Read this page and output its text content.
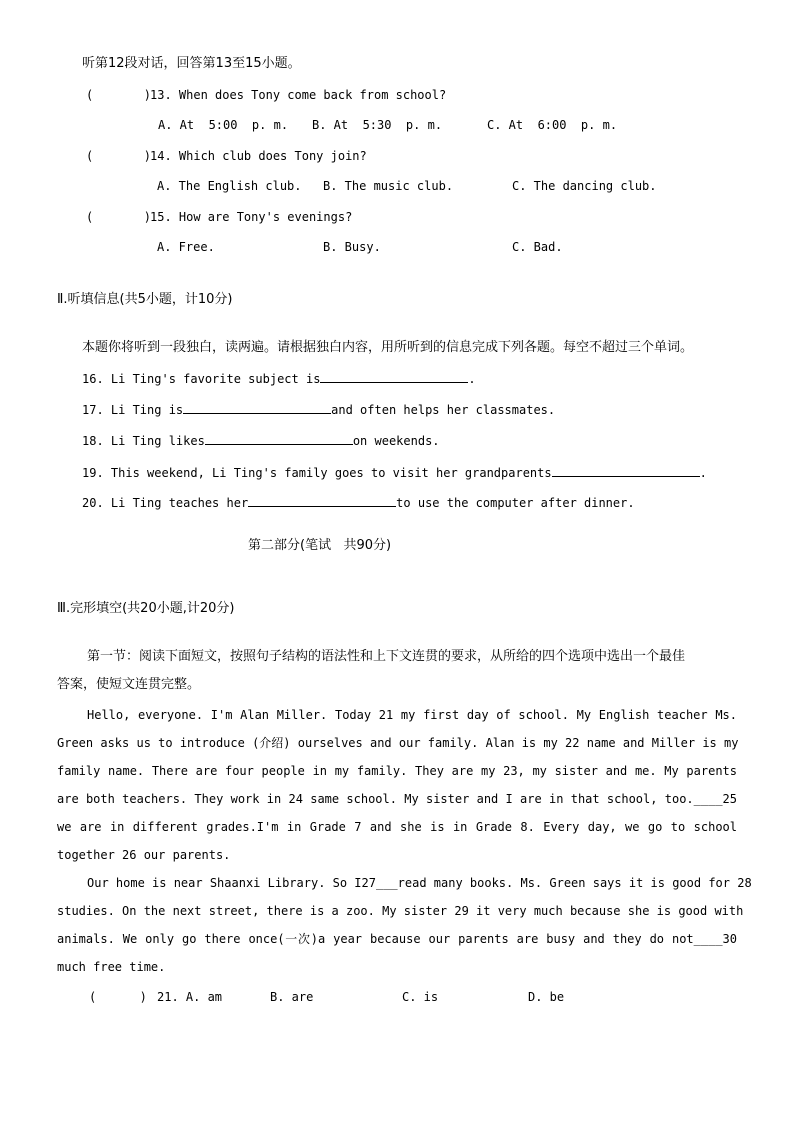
听第12段对话，回答第13至15小题。
(       )
13. When does Tony come back from school?
A. At  5:00  p. m. B. At  5:30  p. m.	C. At  6:00  p. m.
(       )
14. Which club does Tony join?
A. The English club. B. The music club.	C. The dancing club.
(       )
15. How are Tony's evenings?
A. Free.	B. Busy.	C. Bad.
Ⅱ.听填信息(共5小题，计10分)
本题你将听到一段独白，读两遍。请根据独白内容，用所听到的信息完成下列各题。每空不超过三个单词。
16. Li Ting's favorite subject is	.
17. Li Ting is	and often helps her classmates.
18. Li Ting likes	on weekends.
19. This weekend, Li Ting's family goes to visit her grandparents	.
20. Li Ting teaches her	to use the computer after dinner.
第二部分(笔试   共90分)
Ⅲ.完形填空(共20小题,计20分)
第一节：阅读下面短文，按照句子结构的语法性和上下文连贯的要求，从所给的四个选项中选出一个最佳
答案，使短文连贯完整。
Hello, everyone. I'm Alan Miller. Today 21 my first day of school. My English teacher Ms.
Green asks us to introduce (介绍) ourselves and our family. Alan is my 22 name and Miller is my
family name. There are four people in my family. They are my 23, my sister and me. My parents
are both teachers. They work in 24 same school. My sister and I are in that school, too.____25
we are in different grades.I'm in Grade 7 and she is in Grade 8. Every day, we go to school
together 26 our parents.
Our home is near Shaanxi Library. So I27___read many books. Ms. Green says it is good for 28
studies. On the next street, there is a zoo. My sister 29 it very much because she is good with
animals. We only go there once(一次)a year because our parents are busy and they do not____30
much free time.
(      ) 21. A. am	B. are	C. is	D. be
